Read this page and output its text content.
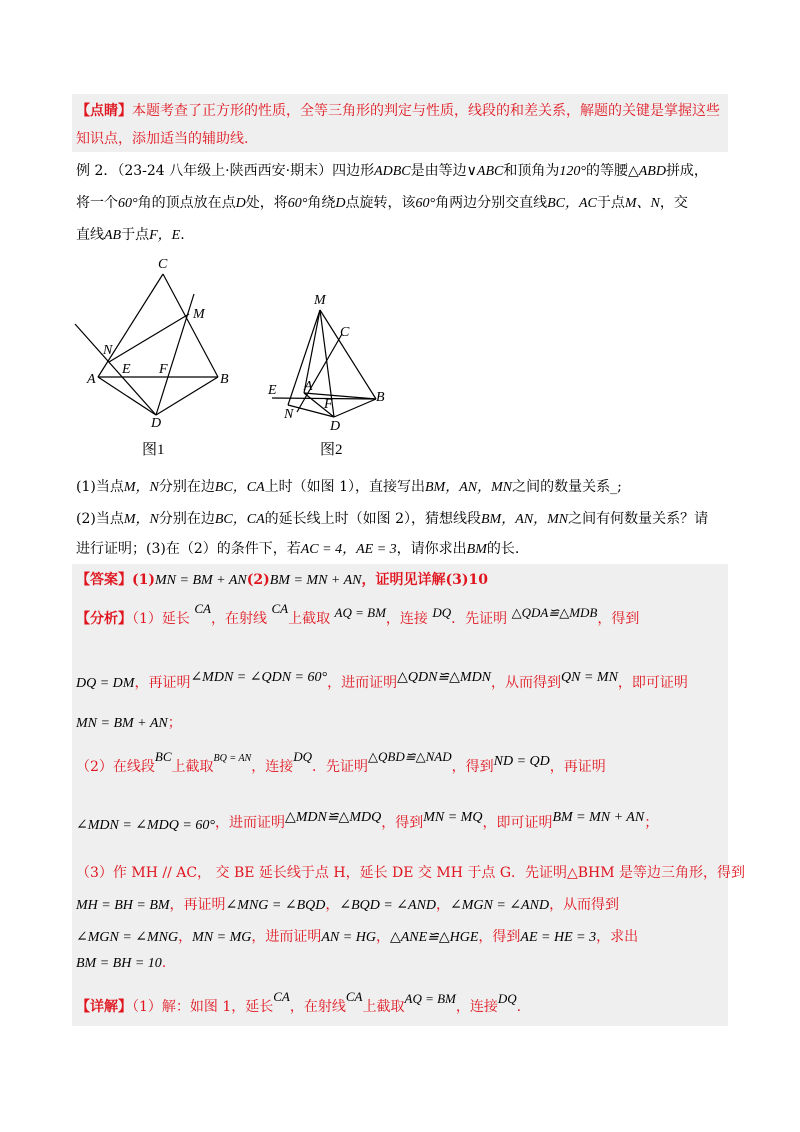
【点睛】本题考查了正方形的性质，全等三角形的判定与性质，线段的和差关系，解题的关键是掌握这些
知识点，添加适当的辅助线.
例 2．（23-24 八年级上·陕西西安·期末）四边形ADBC是由等边∨ABC和顶角为120°的等腰△ABD拼成，
将一个60°角的顶点放在点D处，将60°角绕D点旋转，该60°角两边分别交直线BC，AC于点M、N，交
直线AB于点F，E.
C
M
N
A
E F
B
D
图1
M
C
E A
N
F	B
D
图2
(1)当点M，N分别在边BC，CA上时（如图 1），直接写出BM，AN，MN之间的数量关系_;
(2)当点M，N分别在边BC，CA的延长线上时（如图 2），猜想线段BM，AN，MN之间有何数量关系？请
进行证明；(3)在（2）的条件下，若AC = 4，AE = 3，请你求出BM的长.
【答案】(1)MN = BM + AN(2)BM = MN + AN，证明见详解(3)10
【分析】（1）延长 CA，在射线 CA上截取 AQ = BM，连接 DQ．先证明 △QDA≌△MDB，得到
DQ = DM，再证明∠MDN = ∠QDN = 60°，进而证明△QDN≌△MDN，从而得到QN = MN，即可证明
MN = BM + AN；
（2）在线段BC上截取$^{BQ = AN}$，连接DQ．先证明△QBD≌△NAD，得到ND = QD，再证明
∠MDN = ∠MDQ = 60°，进而证明△MDN≌△MDQ，得到MN = MQ，即可证明BM = MN + AN；
（3）作 MH // AC， 交 BE 延长线于点 H，延长 DE 交 MH 于点 G．先证明△BHM 是等边三角形，得到
MH = BH = BM，再证明∠MNG = ∠BQD，∠BQD = ∠AND，∠MGN = ∠AND，从而得到
∠MGN = ∠MNG，MN = MG，进而证明AN = HG，△ANE≌△HGE，得到AE = HE = 3，求出
BM = BH = 10.
【详解】（1）解：如图 1，延长CA，在射线CA上截取AQ = BM，连接DQ.
